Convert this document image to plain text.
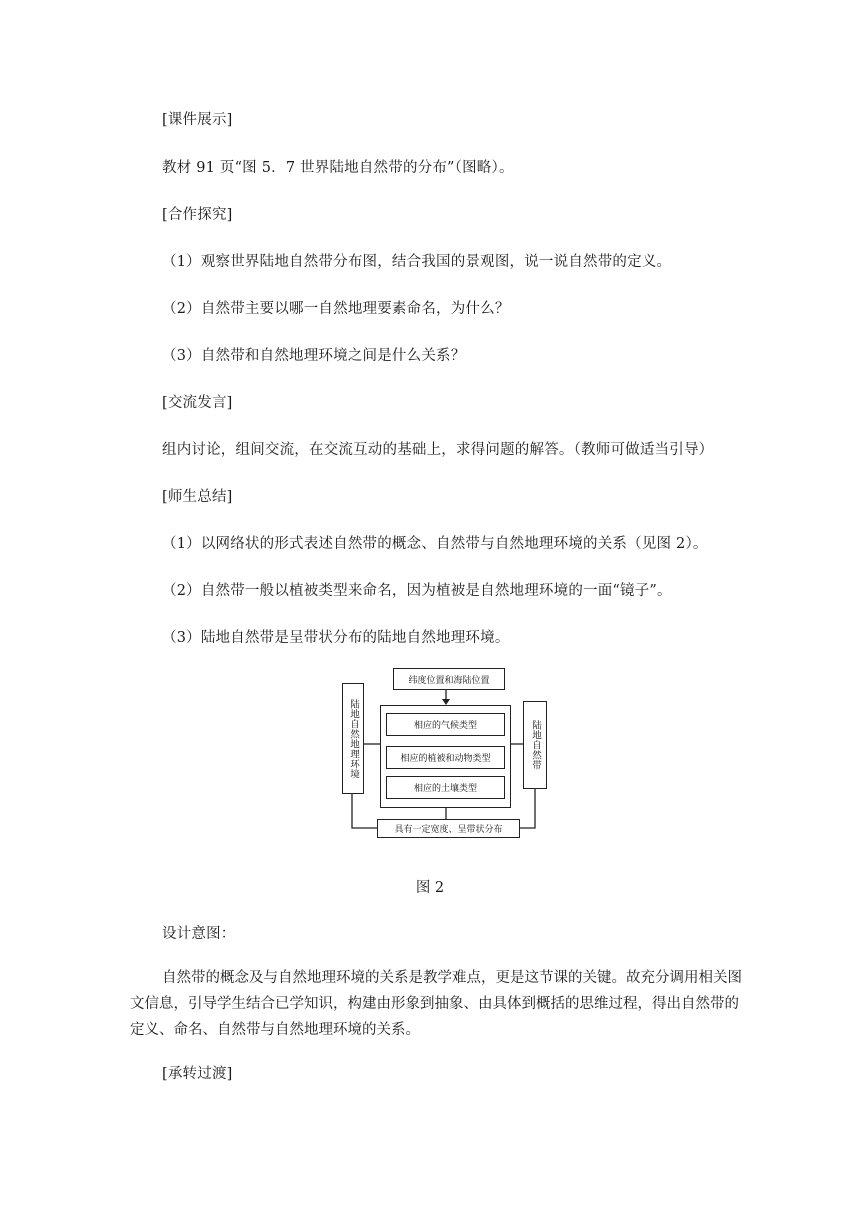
[课件展示]
教材 91 页“图 5．7 世界陆地自然带的分布”（图略）。
[合作探究]
（1）观察世界陆地自然带分布图，结合我国的景观图，说一说自然带的定义。
（2）自然带主要以哪一自然地理要素命名，为什么？
（3）自然带和自然地理环境之间是什么关系？
[交流发言]
组内讨论，组间交流，在交流互动的基础上，求得问题的解答。（教师可做适当引导）
[师生总结]
（1）以网络状的形式表述自然带的概念、自然带与自然地理环境的关系（见图 2）。
（2）自然带一般以植被类型来命名，因为植被是自然地理环境的一面“镜子”。
（3）陆地自然带是呈带状分布的陆地自然地理环境。
纬度位置和海陆位置
陆地自然地理环境	陆地自然带
相应的气候类型
相应的植被和动物类型
相应的土壤类型
具有一定宽度、呈带状分布
图 2
设计意图：
自然带的概念及与自然地理环境的关系是教学难点，更是这节课的关键。故充分调用相关图文信息，引导学生结合已学知识，构建由形象到抽象、由具体到概括的思维过程，得出自然带的定义、命名、自然带与自然地理环境的关系。
[承转过渡]
